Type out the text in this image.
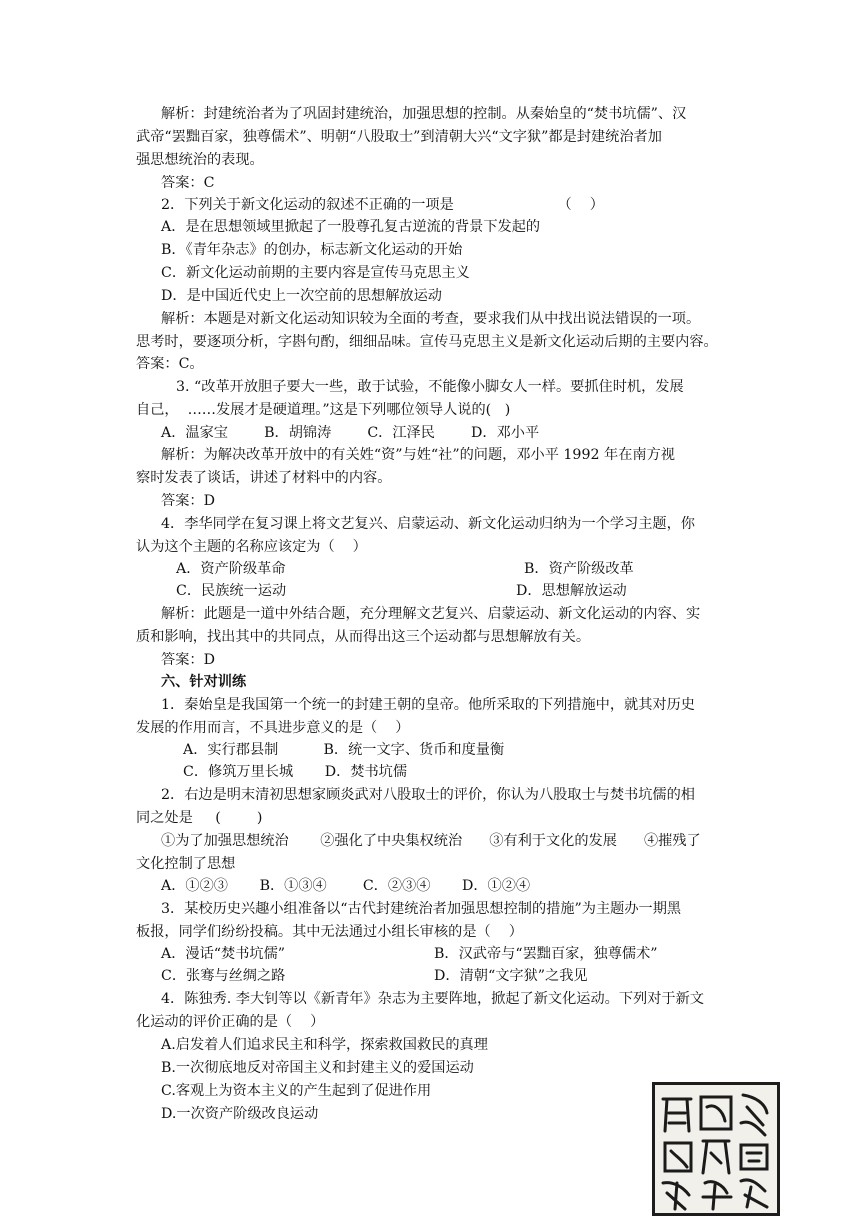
解析：封建统治者为了巩固封建统治，加强思想的控制。从秦始皇的“焚书坑儒”、汉
武帝“罢黜百家，独尊儒术”、明朝“八股取士”到清朝大兴“文字狱”都是封建统治者加
强思想统治的表现。
答案：C
2．下列关于新文化运动的叙述不正确的一项是                       （    ）
A．是在思想领域里掀起了一股尊孔复古逆流的背景下发起的
B．《青年杂志》的创办，标志新文化运动的开始
C．新文化运动前期的主要内容是宣传马克思主义
D．是中国近代史上一次空前的思想解放运动
解析：本题是对新文化运动知识较为全面的考查，要求我们从中找出说法错误的一项。
思考时，要逐项分析，字斟句酌，细细品味。宣传马克思主义是新文化运动后期的主要内容。
答案：C。
3. “改革开放胆子要大一些，敢于试验，不能像小脚女人一样。要抓住时机，发展
自己，  ……发展才是硬道理。”这是下列哪位领导人说的(   )
A．温家宝        B．胡锦涛        C．江泽民        D．邓小平
解析：为解决改革开放中的有关姓“资”与姓“社”的问题，邓小平 1992 年在南方视
察时发表了谈话，讲述了材料中的内容。
答案：D
4．李华同学在复习课上将文艺复兴、启蒙运动、新文化运动归纳为一个学习主题，你
认为这个主题的名称应该定为（    ）
A．资产阶级革命	B．资产阶级改革
C．民族统一运动	D．思想解放运动
解析：此题是一道中外结合题，充分理解文艺复兴、启蒙运动、新文化运动的内容、实
质和影响，找出其中的共同点，从而得出这三个运动都与思想解放有关。
答案：D
六、针对训练
1．秦始皇是我国第一个统一的封建王朝的皇帝。他所采取的下列措施中，就其对历史
发展的作用而言，不具进步意义的是（    ）
A．实行郡县制          B．统一文字、货币和度量衡
C．修筑万里长城       D．焚书坑儒
2．右边是明末清初思想家顾炎武对八股取士的评价，你认为八股取士与焚书坑儒的相
同之处是     (        )
①为了加强思想统治       ②强化了中央集权统治      ③有利于文化的发展      ④摧残了
文化控制了思想
A．①②③       B．①③④        C．②③④       D．①②④
3．某校历史兴趣小组准备以“古代封建统治者加强思想控制的措施”为主题办一期黑
板报，同学们纷纷投稿。其中无法通过小组长审核的是（    ）
A．漫话“焚书坑儒”	B．汉武帝与“罢黜百家，独尊儒术”
C．张骞与丝绸之路	D．清朝“文字狱”之我见
4．陈独秀. 李大钊等以《新青年》杂志为主要阵地，掀起了新文化运动。下列对于新文
化运动的评价正确的是（    ）
A.启发着人们追求民主和科学，探索救国救民的真理
B.一次彻底地反对帝国主义和封建主义的爱国运动
C.客观上为资本主义的产生起到了促进作用
D.一次资产阶级改良运动
